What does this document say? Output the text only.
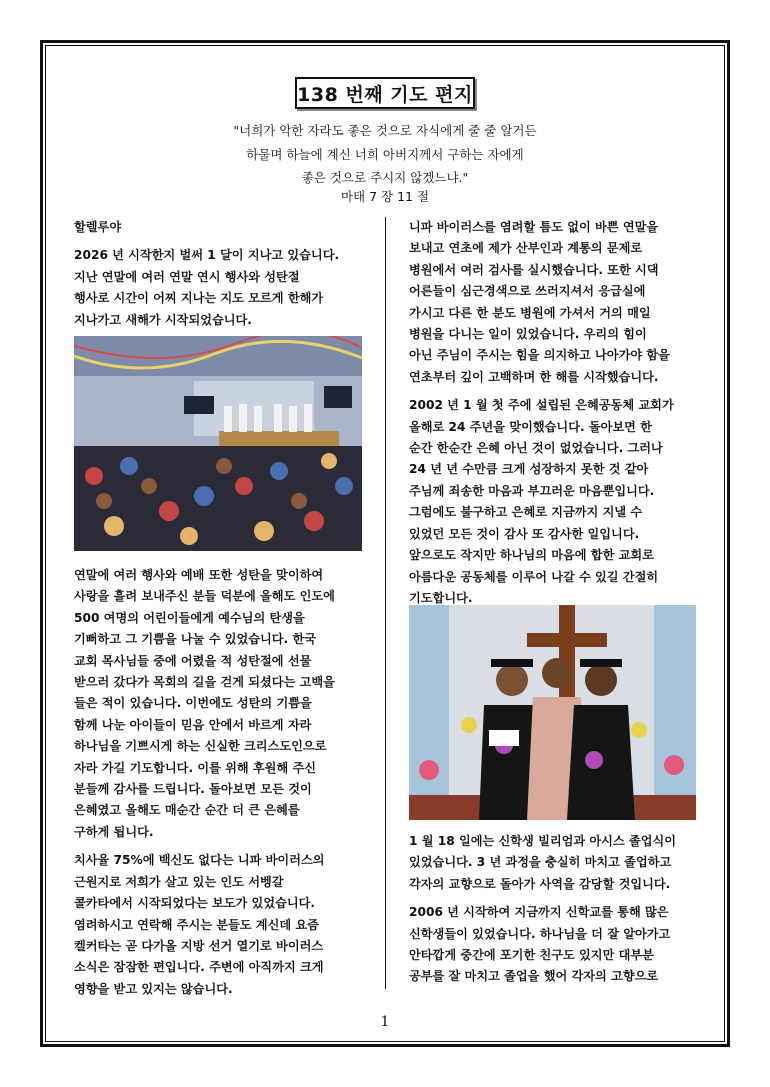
138 번째 기도 편지
"너희가 악한 자라도 좋은 것으로 자식에게 줄 줄 알거든
하물며 하늘에 계신 너희 아버지께서 구하는 자에게
좋은 것으로 주시지 않겠느냐."
마태 7 장 11 절

할렐루야

2026 년 시작한지 벌써 1 달이 지나고 있습니다.
지난 연말에 여러 연말 연시 행사와 성탄절
행사로 시간이 어찌 지나는 지도 모르게 한해가
지나가고 새해가 시작되었습니다.

연말에 여러 행사와 예배 또한 성탄을 맞이하여
사랑을 흘려 보내주신 분들 덕분에 올해도 인도에
500 여명의 어린이들에게 예수님의 탄생을
기뻐하고 그 기쁨을 나눌 수 있었습니다. 한국
교회 목사님들 중에 어렸을 적 성탄절에 선물
받으러 갔다가 목회의 길을 걷게 되셨다는 고백을
들은 적이 있습니다. 이번에도 성탄의 기쁨을
함께 나눈 아이들이 믿음 안에서 바르게 자라
하나님을 기쁘시게 하는 신실한 크리스도인으로
자라 가길 기도합니다. 이를 위해 후원해 주신
분들께 감사를 드립니다. 돌아보면 모든 것이
은혜였고 올해도 매순간 순간 더 큰 은혜를
구하게 됩니다.

치사율 75%에 백신도 없다는 니파 바이러스의
근원지로 저희가 살고 있는 인도 서벵갈
콜카타에서 시작되었다는 보도가 있었습니다.
염려하시고 연락해 주시는 분들도 계신데 요즘
켈커타는 곧 다가올 지방 선거 열기로 바이러스
소식은 잠잠한 편입니다. 주변에 아직까지 크게
영향을 받고 있지는 않습니다.

니파 바이러스를 염려할 틈도 없이 바쁜 연말을
보내고 연초에 제가 산부인과 계통의 문제로
병원에서 여러 검사를 실시했습니다. 또한 시댁
어른들이 심근경색으로 쓰러지셔서 응급실에
가시고 다른 한 분도 병원에 가셔서 거의 매일
병원을 다니는 일이 있었습니다. 우리의 힘이
아닌 주님이 주시는 힘을 의지하고 나아가야 함을
연초부터 깊이 고백하며 한 해를 시작했습니다.

2002 년 1 월 첫 주에 설립된 은혜공동체 교회가
올해로 24 주년을 맞이했습니다. 돌아보면 한
순간 한순간 은혜 아닌 것이 없었습니다. 그러나
24 년 년 수만큼 크게 성장하지 못한 것 같아
주님께 죄송한 마음과 부끄러운 마음뿐입니다.
그럼에도 불구하고 은혜로 지금까지 지낼 수
있었던 모든 것이 감사 또 감사한 일입니다.
앞으로도 작지만 하나님의 마음에 합한 교회로
아름다운 공동체를 이루어 나갈 수 있길 간절히
기도합니다.

1 월 18 일에는 신학생 빌리엄과 아시스 졸업식이
있었습니다. 3 년 과정을 충실히 마치고 졸업하고
각자의 교향으로 돌아가 사역을 감당할 것입니다.

2006 년 시작하여 지금까지 신학교를 통해 많은
신학생들이 있었습니다. 하나님을 더 잘 알아가고
안타깝게 중간에 포기한 친구도 있지만 대부분
공부를 잘 마치고 졸업을 했어 각자의 고향으로

1
